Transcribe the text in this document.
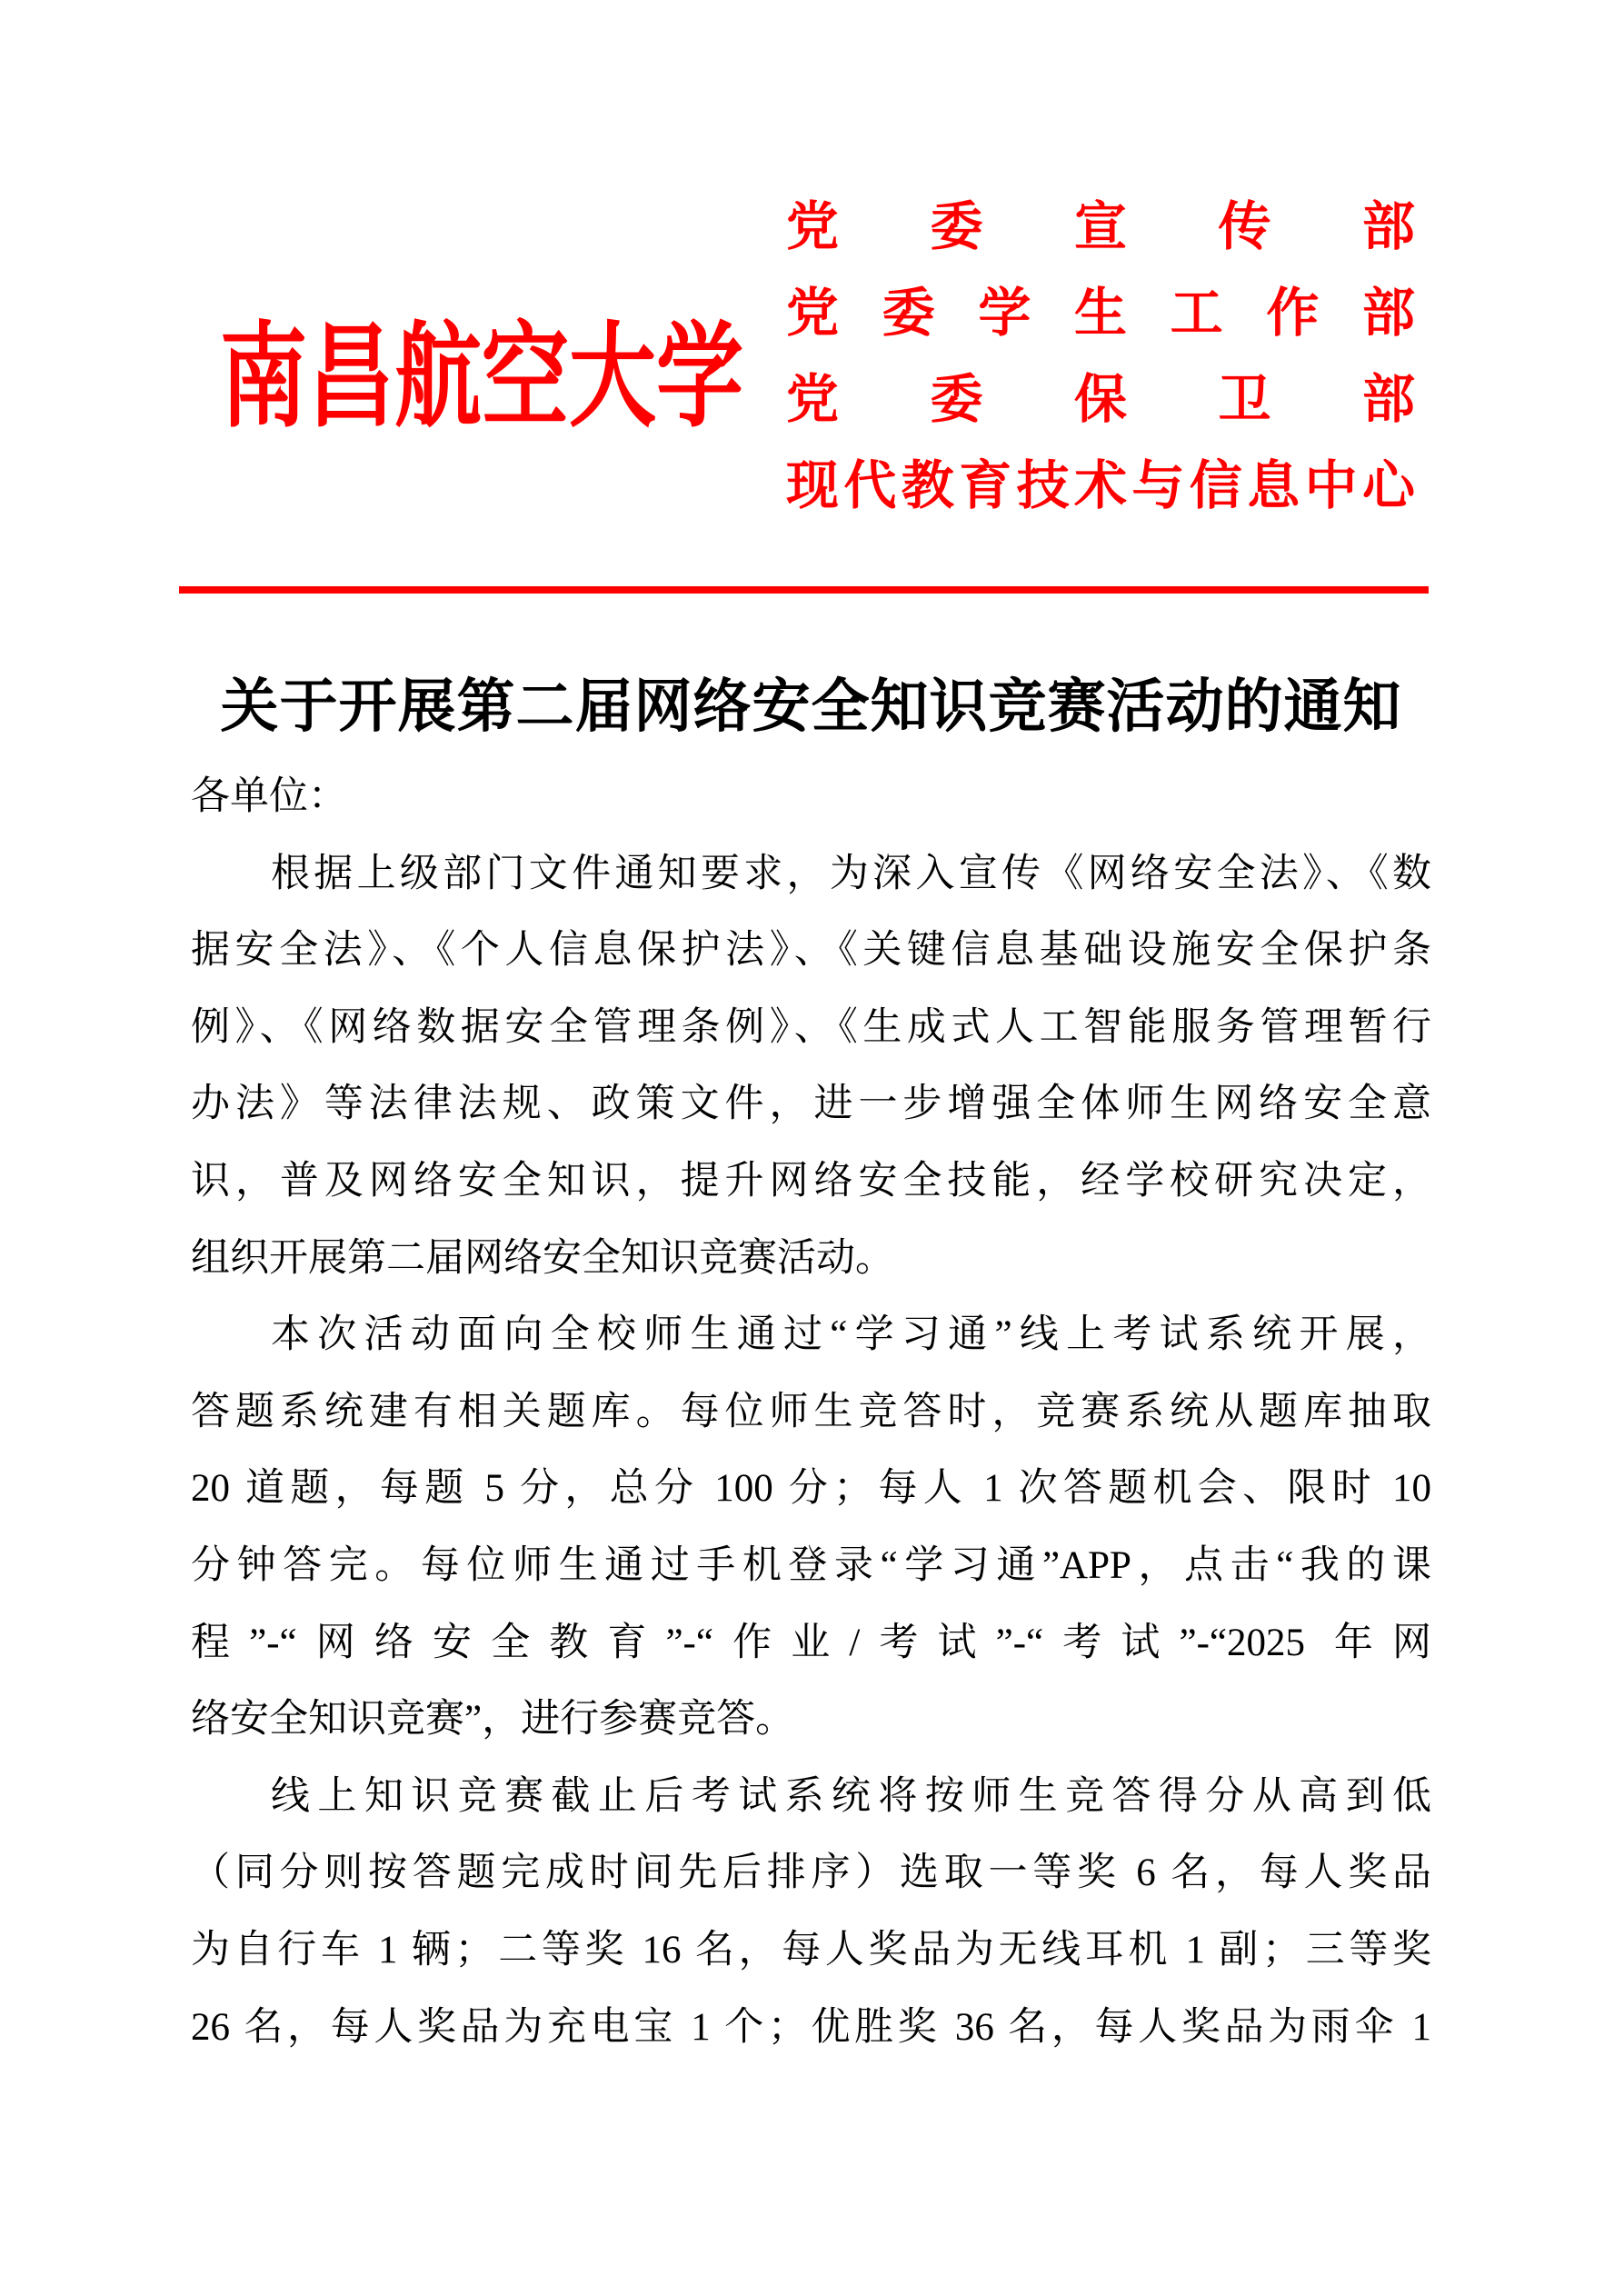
南昌航空大学
党委宣传部
党委学生工作部
党委保卫部
现代教育技术与信息中心
关于开展第二届网络安全知识竞赛活动的通知
各单位：
根据上级部门文件通知要求，为深入宣传《网络安全法》、《数
据安全法》、《个人信息保护法》、《关键信息基础设施安全保护条
例》、《网络数据安全管理条例》、《生成式人工智能服务管理暂行
办法》等法律法规、政策文件，进一步增强全体师生网络安全意
识，普及网络安全知识，提升网络安全技能，经学校研究决定，
组织开展第二届网络安全知识竞赛活动。
本次活动面向全校师生通过“学习通”线上考试系统开展，
答题系统建有相关题库。每位师生竞答时，竞赛系统从题库抽取
20 道题，每题 5 分，总分 100 分；每人 1 次答题机会、限时 10
分钟答完。每位师生通过手机登录“学习通”APP，点击“我的课
程”-“网络安全教育”-“作业/考试”-“考试”-“2025 年网
络安全知识竞赛”，进行参赛竞答。
线上知识竞赛截止后考试系统将按师生竞答得分从高到低
（同分则按答题完成时间先后排序）选取一等奖 6 名，每人奖品
为自行车 1 辆；二等奖 16 名，每人奖品为无线耳机 1 副；三等奖
26 名，每人奖品为充电宝 1 个；优胜奖 36 名，每人奖品为雨伞 1
